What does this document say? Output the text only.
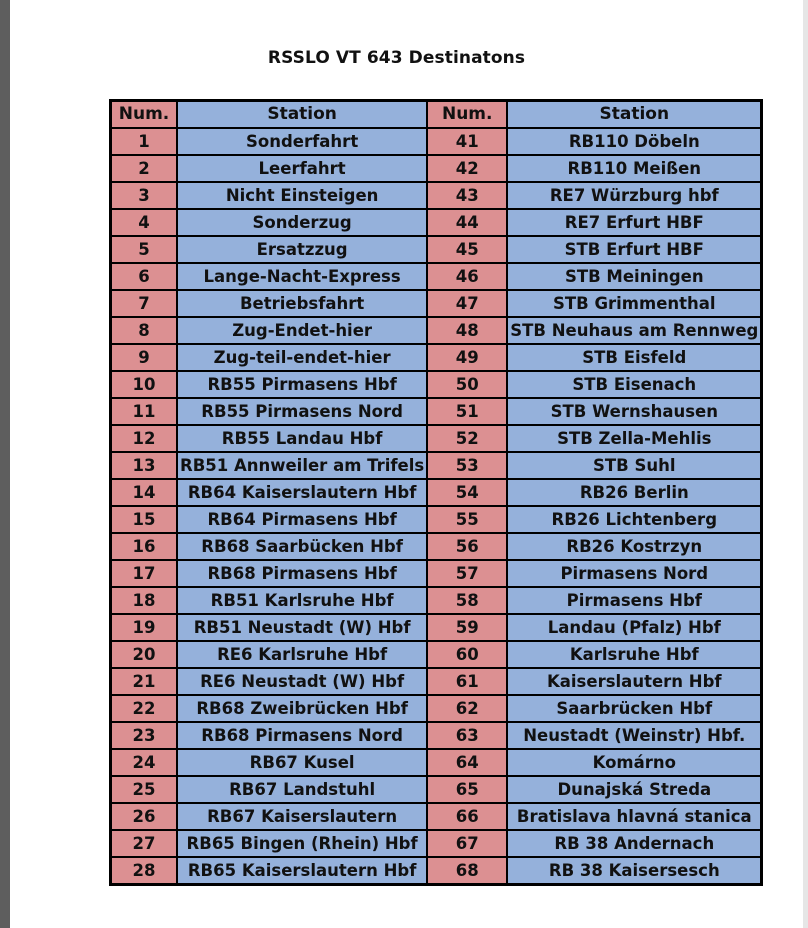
RSSLO VT 643 Destinatons
Num.	Station	Num.	Station
1	Sonderfahrt	41	RB110 Döbeln
2	Leerfahrt	42	RB110 Meißen
3	Nicht Einsteigen	43	RE7 Würzburg hbf
4	Sonderzug	44	RE7 Erfurt HBF
5	Ersatzzug	45	STB Erfurt HBF
6	Lange-Nacht-Express	46	STB Meiningen
7	Betriebsfahrt	47	STB Grimmenthal
8	Zug-Endet-hier	48	STB Neuhaus am Rennweg
9	Zug-teil-endet-hier	49	STB Eisfeld
10	RB55 Pirmasens Hbf	50	STB Eisenach
11	RB55 Pirmasens Nord	51	STB Wernshausen
12	RB55 Landau Hbf	52	STB Zella-Mehlis
13	RB51 Annweiler am Trifels	53	STB Suhl
14	RB64 Kaiserslautern Hbf	54	RB26 Berlin
15	RB64 Pirmasens Hbf	55	RB26 Lichtenberg
16	RB68 Saarbücken Hbf	56	RB26 Kostrzyn
17	RB68 Pirmasens Hbf	57	Pirmasens Nord
18	RB51 Karlsruhe Hbf	58	Pirmasens Hbf
19	RB51 Neustadt (W) Hbf	59	Landau (Pfalz) Hbf
20	RE6 Karlsruhe Hbf	60	Karlsruhe Hbf
21	RE6 Neustadt (W) Hbf	61	Kaiserslautern Hbf
22	RB68 Zweibrücken Hbf	62	Saarbrücken Hbf
23	RB68 Pirmasens Nord	63	Neustadt (Weinstr) Hbf.
24	RB67 Kusel	64	Komárno
25	RB67 Landstuhl	65	Dunajská Streda
26	RB67 Kaiserslautern	66	Bratislava hlavná stanica
27	RB65 Bingen (Rhein) Hbf	67	RB 38 Andernach
28	RB65 Kaiserslautern Hbf	68	RB 38 Kaisersesch
